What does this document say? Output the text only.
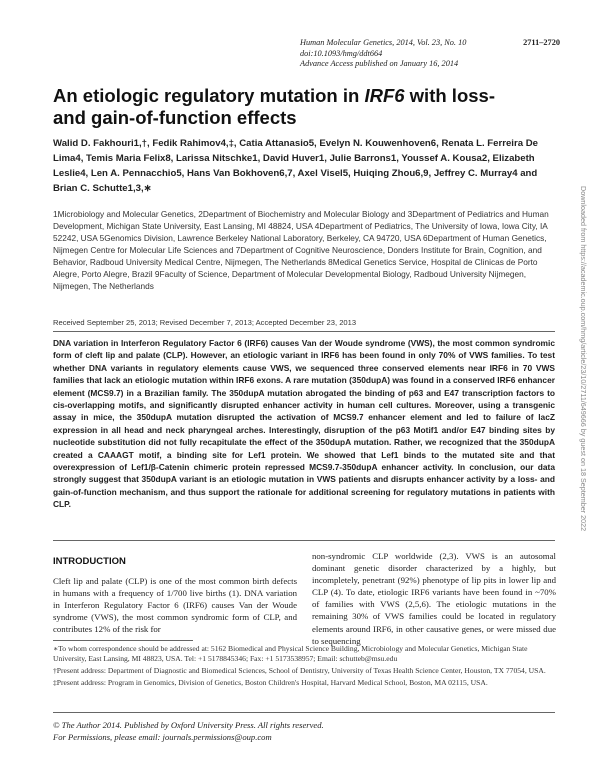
Human Molecular Genetics, 2014, Vol. 23, No. 10	2711–2720
doi:10.1093/hmg/ddt664
Advance Access published on January 16, 2014
Downloaded from https://academic.oup.com/hmg/article/23/10/2711/649666 by guest on 18 September 2022
An etiologic regulatory mutation in IRF6 with loss- and gain-of-function effects
Walid D. Fakhouri1,†, Fedik Rahimov4,‡, Catia Attanasio5, Evelyn N. Kouwenhoven6, Renata L. Ferreira De Lima4, Temis Maria Felix8, Larissa Nitschke1, David Huver1, Julie Barrons1, Youssef A. Kousa2, Elizabeth Leslie4, Len A. Pennacchio5, Hans Van Bokhoven6,7, Axel Visel5, Huiqing Zhou6,9, Jeffrey C. Murray4 and Brian C. Schutte1,3,∗
1Microbiology and Molecular Genetics, 2Department of Biochemistry and Molecular Biology and 3Department of Pediatrics and Human Development, Michigan State University, East Lansing, MI 48824, USA 4Department of Pediatrics, The University of Iowa, Iowa City, IA 52242, USA 5Genomics Division, Lawrence Berkeley National Laboratory, Berkeley, CA 94720, USA 6Department of Human Genetics, Nijmegen Centre for Molecular Life Sciences and 7Department of Cognitive Neuroscience, Donders Institute for Brain, Cognition, and Behavior, Radboud University Medical Centre, Nijmegen, The Netherlands 8Medical Genetics Service, Hospital de Clinicas de Porto Alegre, Porto Alegre, Brazil 9Faculty of Science, Department of Molecular Developmental Biology, Radboud University Nijmegen, Nijmegen, The Netherlands
Received September 25, 2013; Revised December 7, 2013; Accepted December 23, 2013
DNA variation in Interferon Regulatory Factor 6 (IRF6) causes Van der Woude syndrome (VWS), the most common syndromic form of cleft lip and palate (CLP). However, an etiologic variant in IRF6 has been found in only 70% of VWS families. To test whether DNA variants in regulatory elements cause VWS, we sequenced three conserved elements near IRF6 in 70 VWS families that lack an etiologic mutation within IRF6 exons. A rare mutation (350dupA) was found in a conserved IRF6 enhancer element (MCS9.7) in a Brazilian family. The 350dupA mutation abrogated the binding of p63 and E47 transcription factors to cis-overlapping motifs, and significantly disrupted enhancer activity in human cell cultures. Moreover, using a transgenic assay in mice, the 350dupA mutation disrupted the activation of MCS9.7 enhancer element and led to failure of lacZ expression in all head and neck pharyngeal arches. Interestingly, disruption of the p63 Motif1 and/or E47 binding sites by nucleotide substitution did not fully recapitulate the effect of the 350dupA mutation. Rather, we recognized that the 350dupA created a CAAAGT motif, a binding site for Lef1 protein. We showed that Lef1 binds to the mutated site and that overexpression of Lef1/β-Catenin chimeric protein repressed MCS9.7-350dupA enhancer activity. In conclusion, our data strongly suggest that 350dupA variant is an etiologic mutation in VWS patients and disrupts enhancer activity by a loss- and gain-of-function mechanism, and thus support the rationale for additional screening for regulatory mutations in patients with CLP.
INTRODUCTION
Cleft lip and palate (CLP) is one of the most common birth defects in humans with a frequency of 1/700 live births (1). DNA variation in Interferon Regulatory Factor 6 (IRF6) causes Van der Woude syndrome (VWS), the most common syndromic form of CLP, and contributes 12% of the risk for
non-syndromic CLP worldwide (2,3). VWS is an autosomal dominant genetic disorder characterized by a highly, but incompletely, penetrant (92%) phenotype of lip pits in lower lip and CLP (4). To date, etiologic IRF6 variants have been found in ~70% of families with VWS (2,5,6). The etiologic mutations in the remaining 30% of VWS families could be located in regulatory elements around IRF6, in other causative genes, or were missed due to sequencing

∗To whom correspondence should be addressed at: 5162 Biomedical and Physical Science Building, Microbiology and Molecular Genetics, Michigan State University, East Lansing, MI 48823, USA. Tel: +1 5178845346; Fax: +1 5173538957; Email: schutteb@msu.edu

†Present address: Department of Diagnostic and Biomedical Sciences, School of Dentistry, University of Texas Health Science Center, Houston, TX 77054, USA.

‡Present address: Program in Genomics, Division of Genetics, Boston Children's Hospital, Harvard Medical School, Boston, MA 02115, USA.

© The Author 2014. Published by Oxford University Press. All rights reserved.
For Permissions, please email: journals.permissions@oup.com
